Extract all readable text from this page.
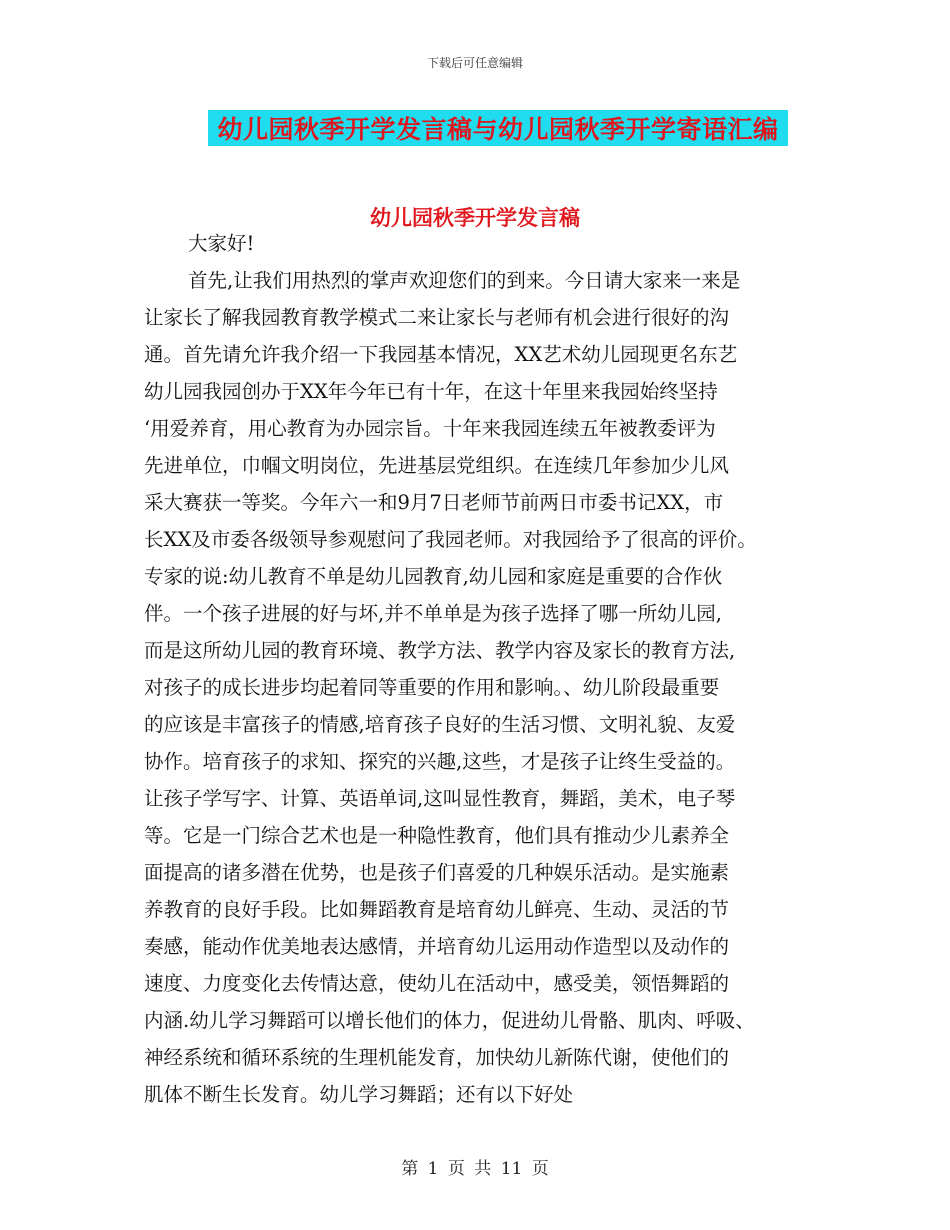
下载后可任意编辑
幼儿园秋季开学发言稿与幼儿园秋季开学寄语汇编
幼儿园秋季开学发言稿
大家好!
首先,让我们用热烈的掌声欢迎您们的到来。今日请大家来一来是
让家长了解我园教育教学模式二来让家长与老师有机会进行很好的沟
通。首先请允许我介绍一下我园基本情况，XX艺术幼儿园现更名东艺
幼儿园我园创办于XX年今年已有十年，在这十年里来我园始终坚持
‘用爱养育，用心教育为办园宗旨。十年来我园连续五年被教委评为
先进单位，巾帼文明岗位，先进基层党组织。在连续几年参加少儿风
采大赛获一等奖。今年六一和9月7日老师节前两日市委书记XX，市
长XX及市委各级领导参观慰问了我园老师。对我园给予了很高的评价。
专家的说:幼儿教育不单是幼儿园教育,幼儿园和家庭是重要的合作伙
伴。一个孩子进展的好与坏,并不单单是为孩子选择了哪一所幼儿园,
而是这所幼儿园的教育环境、教学方法、教学内容及家长的教育方法,
对孩子的成长进步均起着同等重要的作用和影响。、幼儿阶段最重要
的应该是丰富孩子的情感,培育孩子良好的生活习惯、文明礼貌、友爱
协作。培育孩子的求知、探究的兴趣,这些，才是孩子让终生受益的。
让孩子学写字、计算、英语单词,这叫显性教育，舞蹈，美术，电子琴
等。它是一门综合艺术也是一种隐性教育，他们具有推动少儿素养全
面提高的诸多潜在优势，也是孩子们喜爱的几种娱乐活动。是实施素
养教育的良好手段。比如舞蹈教育是培育幼儿鲜亮、生动、灵活的节
奏感，能动作优美地表达感情，并培育幼儿运用动作造型以及动作的
速度、力度变化去传情达意，使幼儿在活动中，感受美，领悟舞蹈的
内涵.幼儿学习舞蹈可以增长他们的体力，促进幼儿骨骼、肌肉、呼吸、
神经系统和循环系统的生理机能发育，加快幼儿新陈代谢，使他们的
肌体不断生长发育。幼儿学习舞蹈；还有以下好处
第 1 页 共 11 页
